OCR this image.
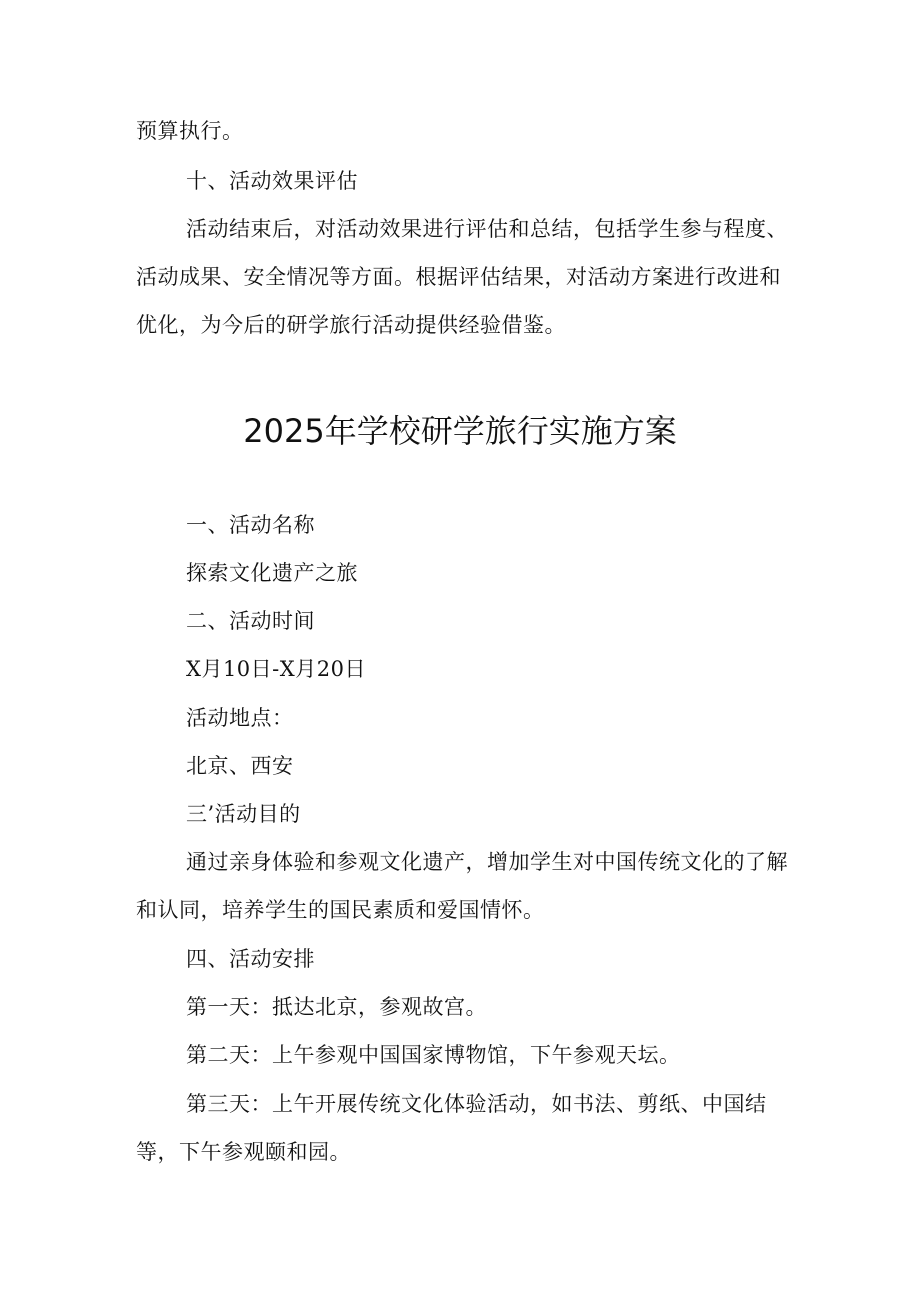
预算执行。
十、活动效果评估
活动结束后，对活动效果进行评估和总结，包括学生参与程度、
活动成果、安全情况等方面。根据评估结果，对活动方案进行改进和
优化，为今后的研学旅行活动提供经验借鉴。
2025年学校研学旅行实施方案
一、活动名称
探索文化遗产之旅
二、活动时间
X月10日-X月20日
活动地点：
北京、西安
三’活动目的
通过亲身体验和参观文化遗产，增加学生对中国传统文化的了解
和认同，培养学生的国民素质和爱国情怀。
四、活动安排
第一天：抵达北京，参观故宫。
第二天：上午参观中国国家博物馆，下午参观天坛。
第三天：上午开展传统文化体验活动，如书法、剪纸、中国结
等，下午参观颐和园。
